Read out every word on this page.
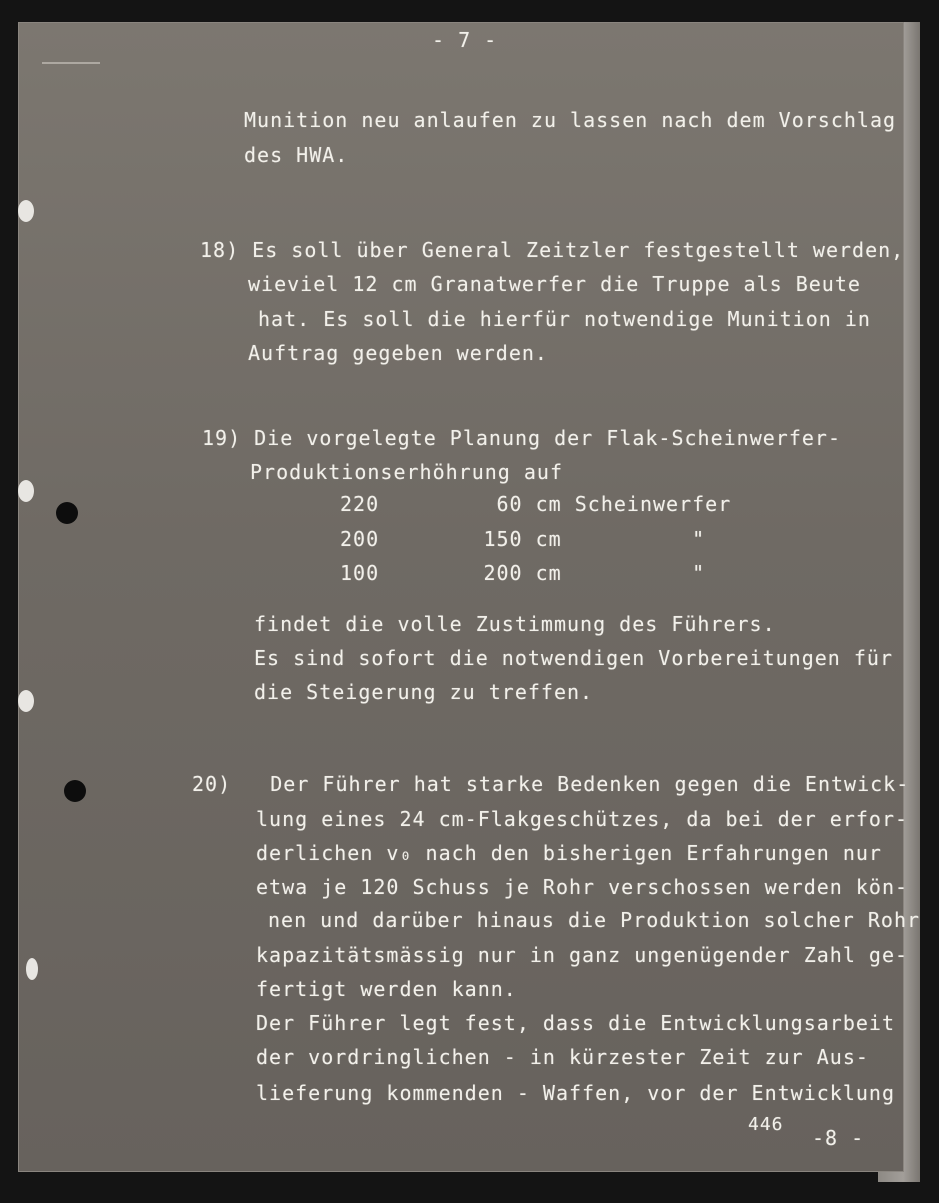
- 7 -
Munition neu anlaufen zu lassen nach dem Vorschlag
des HWA.
18) Es soll über General Zeitzler festgestellt werden,
wieviel 12 cm Granatwerfer die Truppe als Beute
hat. Es soll die hierfür notwendige Munition in
Auftrag gegeben werden.
19) Die vorgelegte Planung der Flak-Scheinwerfer-
Produktionserhöhrung auf
220         60 cm Scheinwerfer
200        150 cm          "
100        200 cm          "
findet die volle Zustimmung des Führers.
Es sind sofort die notwendigen Vorbereitungen für
die Steigerung zu treffen.
20)   Der Führer hat starke Bedenken gegen die Entwick-
lung eines 24 cm-Flakgeschützes, da bei der erfor-
derlichen v₀ nach den bisherigen Erfahrungen nur
etwa je 120 Schuss je Rohr verschossen werden kön-
nen und darüber hinaus die Produktion solcher Rohr
kapazitätsmässig nur in ganz ungenügender Zahl ge-
fertigt werden kann.
Der Führer legt fest, dass die Entwicklungsarbeit
der vordringlichen - in kürzester Zeit zur Aus-
lieferung kommenden - Waffen, vor der Entwicklung
446
-8 -
